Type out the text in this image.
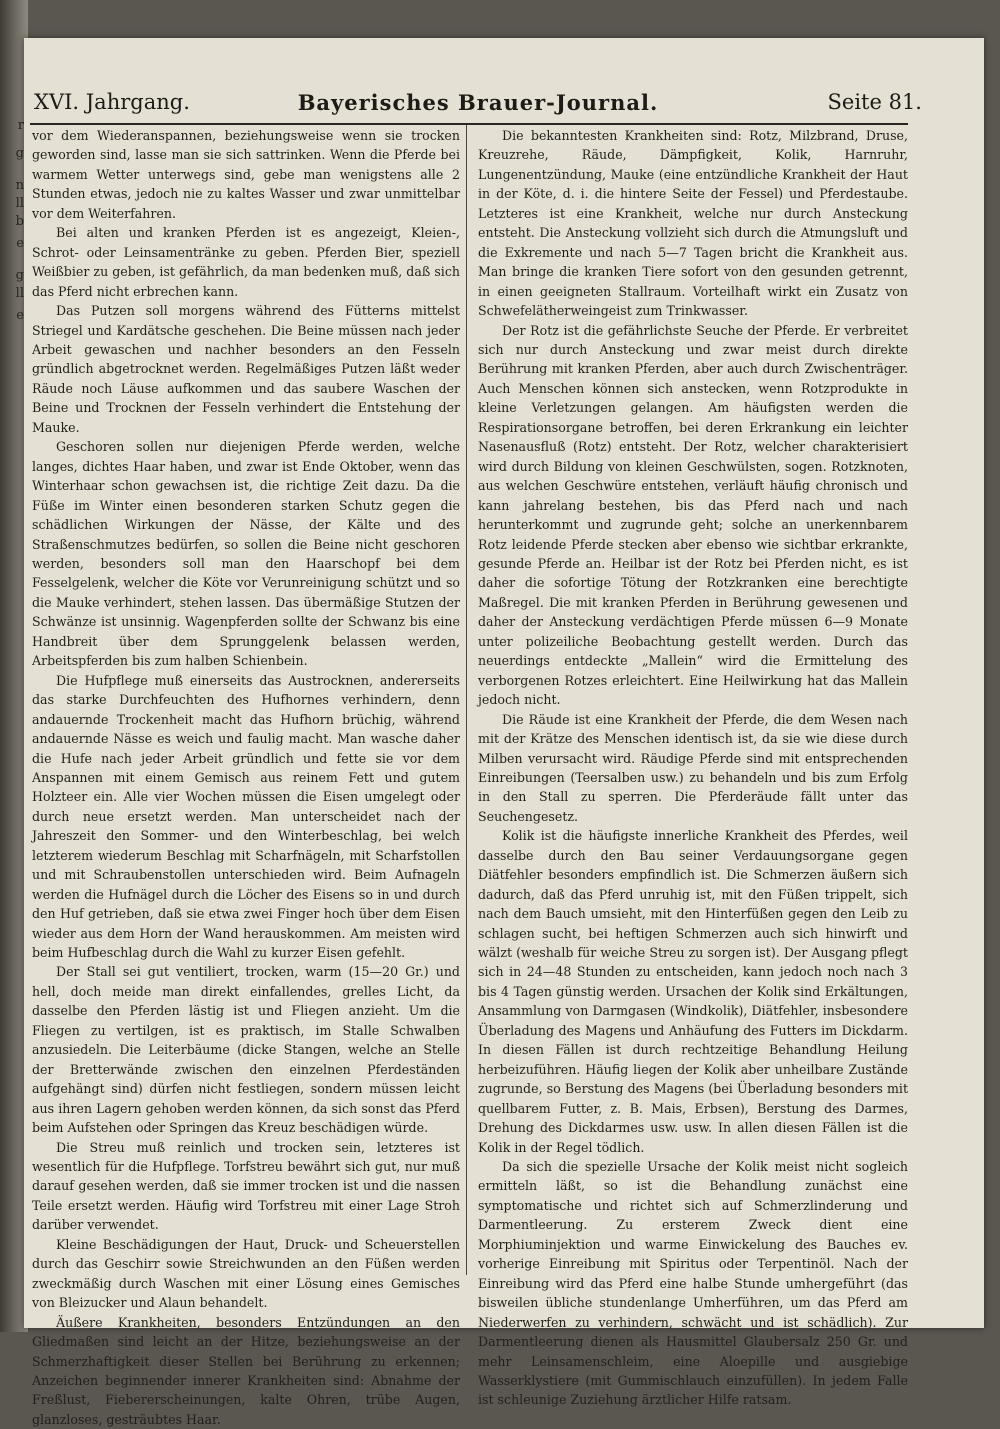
r
g
n
ll
b
e
g
ll
e
XVI. Jahrgang.	Bayerisches Brauer-Journal.	Seite 81.

vor dem Wiederanspannen, beziehungsweise wenn sie trocken geworden sind, lasse man sie sich sattrinken. Wenn die Pferde bei warmem Wetter unterwegs sind, gebe man wenigstens alle 2 Stunden etwas, jedoch nie zu kaltes Wasser und zwar unmittelbar vor dem Weiterfahren.

Bei alten und kranken Pferden ist es angezeigt, Kleien-, Schrot- oder Leinsamentränke zu geben. Pferden Bier, speziell Weißbier zu geben, ist gefährlich, da man bedenken muß, daß sich das Pferd nicht erbrechen kann.

Das Putzen soll morgens während des Fütterns mittelst Striegel und Kardätsche geschehen. Die Beine müssen nach jeder Arbeit gewaschen und nachher besonders an den Fesseln gründlich abgetrocknet werden. Regelmäßiges Putzen läßt weder Räude noch Läuse aufkommen und das saubere Waschen der Beine und Trocknen der Fesseln verhindert die Entstehung der Mauke.

Geschoren sollen nur diejenigen Pferde werden, welche langes, dichtes Haar haben, und zwar ist Ende Oktober, wenn das Winterhaar schon gewachsen ist, die richtige Zeit dazu. Da die Füße im Winter einen besonderen starken Schutz gegen die schädlichen Wirkungen der Nässe, der Kälte und des Straßenschmutzes bedürfen, so sollen die Beine nicht geschoren werden, besonders soll man den Haarschopf bei dem Fesselgelenk, welcher die Köte vor Verunreinigung schützt und so die Mauke verhindert, stehen lassen. Das übermäßige Stutzen der Schwänze ist unsinnig. Wagenpferden sollte der Schwanz bis eine Handbreit über dem Sprunggelenk belassen werden, Arbeitspferden bis zum halben Schienbein.

Die Hufpflege muß einerseits das Austrocknen, andererseits das starke Durchfeuchten des Hufhornes verhindern, denn andauernde Trockenheit macht das Hufhorn brüchig, während andauernde Nässe es weich und faulig macht. Man wasche daher die Hufe nach jeder Arbeit gründlich und fette sie vor dem Anspannen mit einem Gemisch aus reinem Fett und gutem Holzteer ein. Alle vier Wochen müssen die Eisen umgelegt oder durch neue ersetzt werden. Man unterscheidet nach der Jahreszeit den Sommer- und den Winterbeschlag, bei welch letzterem wiederum Beschlag mit Scharfnägeln, mit Scharfstollen und mit Schraubenstollen unterschieden wird. Beim Aufnageln werden die Hufnägel durch die Löcher des Eisens so in und durch den Huf getrieben, daß sie etwa zwei Finger hoch über dem Eisen wieder aus dem Horn der Wand herauskommen. Am meisten wird beim Hufbeschlag durch die Wahl zu kurzer Eisen gefehlt.

Der Stall sei gut ventiliert, trocken, warm (15—20 Gr.) und hell, doch meide man direkt einfallendes, grelles Licht, da dasselbe den Pferden lästig ist und Fliegen anzieht. Um die Fliegen zu vertilgen, ist es praktisch, im Stalle Schwalben anzusiedeln. Die Leiterbäume (dicke Stangen, welche an Stelle der Bretterwände zwischen den einzelnen Pferdeständen aufgehängt sind) dürfen nicht festliegen, sondern müssen leicht aus ihren Lagern gehoben werden können, da sich sonst das Pferd beim Aufstehen oder Springen das Kreuz beschädigen würde.

Die Streu muß reinlich und trocken sein, letzteres ist wesentlich für die Hufpflege. Torfstreu bewährt sich gut, nur muß darauf gesehen werden, daß sie immer trocken ist und die nassen Teile ersetzt werden. Häufig wird Torfstreu mit einer Lage Stroh darüber verwendet.

Kleine Beschädigungen der Haut, Druck- und Scheuerstellen durch das Geschirr sowie Streichwunden an den Füßen werden zweckmäßig durch Waschen mit einer Lösung eines Gemisches von Bleizucker und Alaun behandelt.

Äußere Krankheiten, besonders Entzündungen an den Gliedmaßen sind leicht an der Hitze, beziehungsweise an der Schmerzhaftigkeit dieser Stellen bei Berührung zu erkennen; Anzeichen beginnender innerer Krankheiten sind: Abnahme der Freßlust, Fiebererscheinungen, kalte Ohren, trübe Augen, glanzloses, gesträubtes Haar.

Die bekanntesten Krankheiten sind: Rotz, Milzbrand, Druse, Kreuzrehe, Räude, Dämpfigkeit, Kolik, Harnruhr, Lungenentzündung, Mauke (eine entzündliche Krankheit der Haut in der Köte, d. i. die hintere Seite der Fessel) und Pferdestaube. Letzteres ist eine Krankheit, welche nur durch Ansteckung entsteht. Die Ansteckung vollzieht sich durch die Atmungsluft und die Exkremente und nach 5—7 Tagen bricht die Krankheit aus. Man bringe die kranken Tiere sofort von den gesunden getrennt, in einen geeigneten Stallraum. Vorteilhaft wirkt ein Zusatz von Schwefelätherweingeist zum Trinkwasser.

Der Rotz ist die gefährlichste Seuche der Pferde. Er verbreitet sich nur durch Ansteckung und zwar meist durch direkte Berührung mit kranken Pferden, aber auch durch Zwischenträger. Auch Menschen können sich anstecken, wenn Rotzprodukte in kleine Verletzungen gelangen. Am häufigsten werden die Respirationsorgane betroffen, bei deren Erkrankung ein leichter Nasenausfluß (Rotz) entsteht. Der Rotz, welcher charakterisiert wird durch Bildung von kleinen Geschwülsten, sogen. Rotzknoten, aus welchen Geschwüre entstehen, verläuft häufig chronisch und kann jahrelang bestehen, bis das Pferd nach und nach herunterkommt und zugrunde geht; solche an unerkennbarem Rotz leidende Pferde stecken aber ebenso wie sichtbar erkrankte, gesunde Pferde an. Heilbar ist der Rotz bei Pferden nicht, es ist daher die sofortige Tötung der Rotzkranken eine berechtigte Maßregel. Die mit kranken Pferden in Berührung gewesenen und daher der Ansteckung verdächtigen Pferde müssen 6—9 Monate unter polizeiliche Beobachtung gestellt werden. Durch das neuerdings entdeckte „Mallein“ wird die Ermittelung des verborgenen Rotzes erleichtert. Eine Heilwirkung hat das Mallein jedoch nicht.

Die Räude ist eine Krankheit der Pferde, die dem Wesen nach mit der Krätze des Menschen identisch ist, da sie wie diese durch Milben verursacht wird. Räudige Pferde sind mit entsprechenden Einreibungen (Teersalben usw.) zu behandeln und bis zum Erfolg in den Stall zu sperren. Die Pferderäude fällt unter das Seuchengesetz.

Kolik ist die häufigste innerliche Krankheit des Pferdes, weil dasselbe durch den Bau seiner Verdauungsorgane gegen Diätfehler besonders empfindlich ist. Die Schmerzen äußern sich dadurch, daß das Pferd unruhig ist, mit den Füßen trippelt, sich nach dem Bauch umsieht, mit den Hinterfüßen gegen den Leib zu schlagen sucht, bei heftigen Schmerzen auch sich hinwirft und wälzt (weshalb für weiche Streu zu sorgen ist). Der Ausgang pflegt sich in 24—48 Stunden zu entscheiden, kann jedoch noch nach 3 bis 4 Tagen günstig werden. Ursachen der Kolik sind Erkältungen, Ansammlung von Darmgasen (Windkolik), Diätfehler, insbesondere Überladung des Magens und Anhäufung des Futters im Dickdarm. In diesen Fällen ist durch rechtzeitige Behandlung Heilung herbeizuführen. Häufig liegen der Kolik aber unheilbare Zustände zugrunde, so Berstung des Magens (bei Überladung besonders mit quellbarem Futter, z. B. Mais, Erbsen), Berstung des Darmes, Drehung des Dickdarmes usw. usw. In allen diesen Fällen ist die Kolik in der Regel tödlich.

Da sich die spezielle Ursache der Kolik meist nicht sogleich ermitteln läßt, so ist die Behandlung zunächst eine symptomatische und richtet sich auf Schmerzlinderung und Darmentleerung. Zu ersterem Zweck dient eine Morphiuminjektion und warme Einwickelung des Bauches ev. vorherige Einreibung mit Spiritus oder Terpentinöl. Nach der Einreibung wird das Pferd eine halbe Stunde umhergeführt (das bisweilen übliche stundenlange Umherführen, um das Pferd am Niederwerfen zu verhindern, schwächt und ist schädlich). Zur Darmentleerung dienen als Hausmittel Glaubersalz 250 Gr. und mehr Leinsamenschleim, eine Aloepille und ausgiebige Wasserklystiere (mit Gummischlauch einzufüllen). In jedem Falle ist schleunige Zuziehung ärztlicher Hilfe ratsam.
